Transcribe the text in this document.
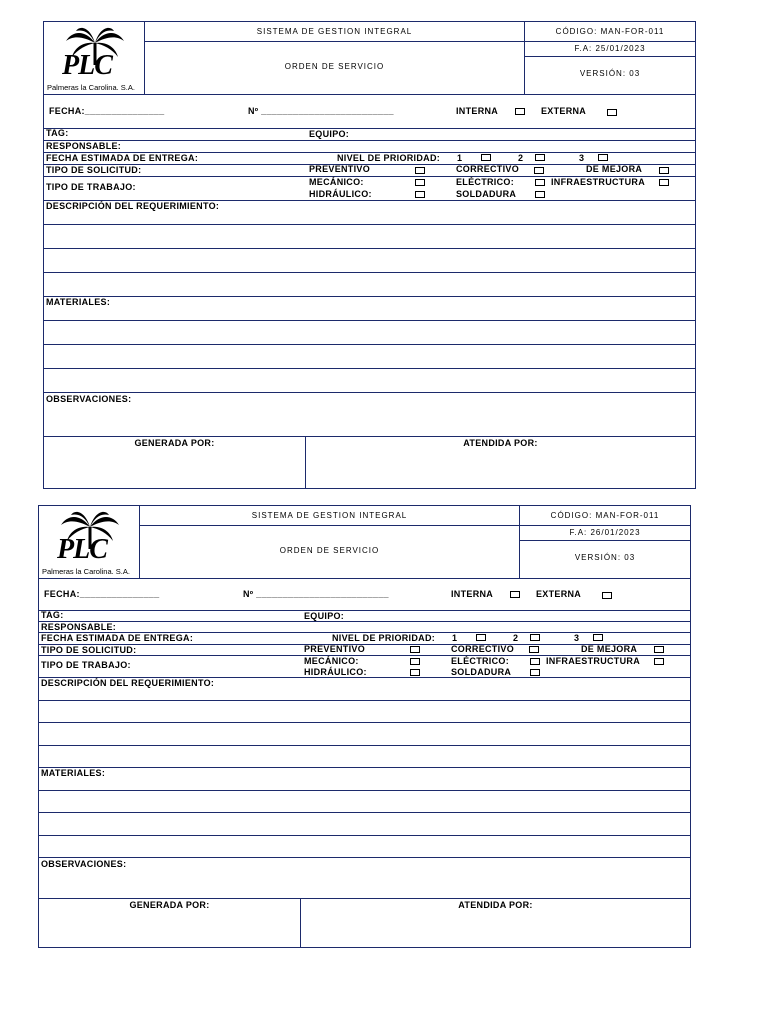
PLC
Palmeras la Carolina. S.A.
SISTEMA DE GESTION INTEGRAL
ORDEN DE SERVICIO
CÓDIGO: MAN-FOR-011
F.A: 25/01/2023
VERSIÓN: 03
FECHA:_______________	Nº _________________________	INTERNA	EXTERNA
TAG:	EQUIPO:
RESPONSABLE:
FECHA ESTIMADA DE ENTREGA:	NIVEL DE PRIORIDAD: 1	2	3
TIPO DE SOLICITUD:	PREVENTIVO	CORRECTIVO	DE MEJORA
TIPO DE TRABAJO:	MECÁNICO:	ELÉCTRICO:	INFRAESTRUCTURA
HIDRÁULICO:	SOLDADURA
DESCRIPCIÓN DEL REQUERIMIENTO:
MATERIALES:
OBSERVACIONES:
GENERADA POR:	ATENDIDA POR:
PLC
Palmeras la Carolina. S.A.
SISTEMA DE GESTION INTEGRAL
ORDEN DE SERVICIO
CÓDIGO: MAN-FOR-011
F.A: 26/01/2023
VERSIÓN: 03
FECHA:_______________	Nº _________________________	INTERNA	EXTERNA
TAG:	EQUIPO:
RESPONSABLE:
FECHA ESTIMADA DE ENTREGA:	NIVEL DE PRIORIDAD: 1	2	3
TIPO DE SOLICITUD:	PREVENTIVO	CORRECTIVO	DE MEJORA
TIPO DE TRABAJO:	MECÁNICO:	ELÉCTRICO:	INFRAESTRUCTURA
HIDRÁULICO:	SOLDADURA
DESCRIPCIÓN DEL REQUERIMIENTO:
MATERIALES:
OBSERVACIONES:
GENERADA POR:	ATENDIDA POR:
